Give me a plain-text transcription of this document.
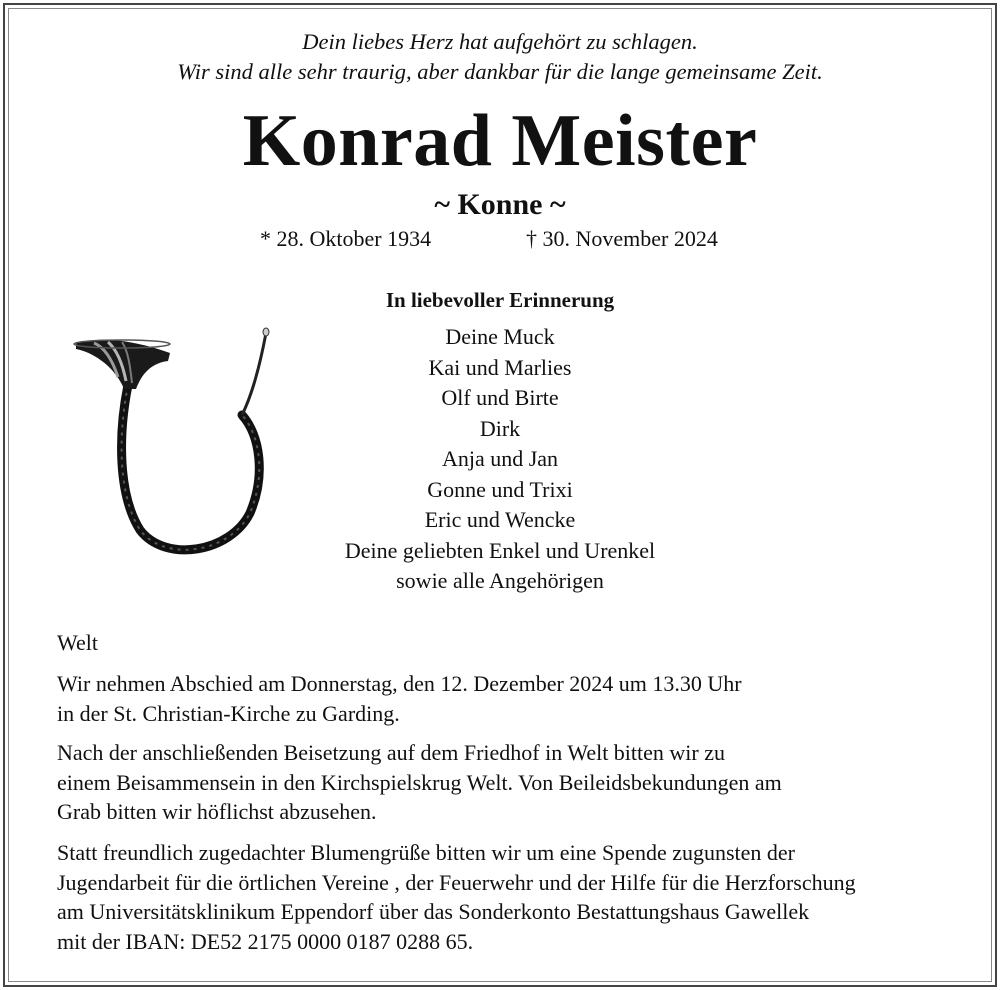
Dein liebes Herz hat aufgehört zu schlagen.
Wir sind alle sehr traurig, aber dankbar für die lange gemeinsame Zeit.
Konrad Meister
~ Konne ~
* 28. Oktober 1934	† 30. November 2024
In liebevoller Erinnerung
Deine Muck
Kai und Marlies
Olf und Birte
Dirk
Anja und Jan
Gonne und Trixi
Eric und Wencke
Deine geliebten Enkel und Urenkel
sowie alle Angehörigen
Welt

Wir nehmen Abschied am Donnerstag, den 12. Dezember 2024 um 13.30 Uhr

in der St. Christian-Kirche zu Garding.

Nach der anschließenden Beisetzung auf dem Friedhof in Welt bitten wir zu

einem Beisammensein in den Kirchspielskrug Welt. Von Beileidsbekundungen am

Grab bitten wir höflichst abzusehen.

Statt freundlich zugedachter Blumengrüße bitten wir um eine Spende zugunsten der

Jugendarbeit für die örtlichen Vereine , der Feuerwehr und der Hilfe für die Herzforschung

am Universitätsklinikum Eppendorf über das Sonderkonto Bestattungshaus Gawellek

mit der IBAN: DE52 2175 0000 0187 0288 65.
